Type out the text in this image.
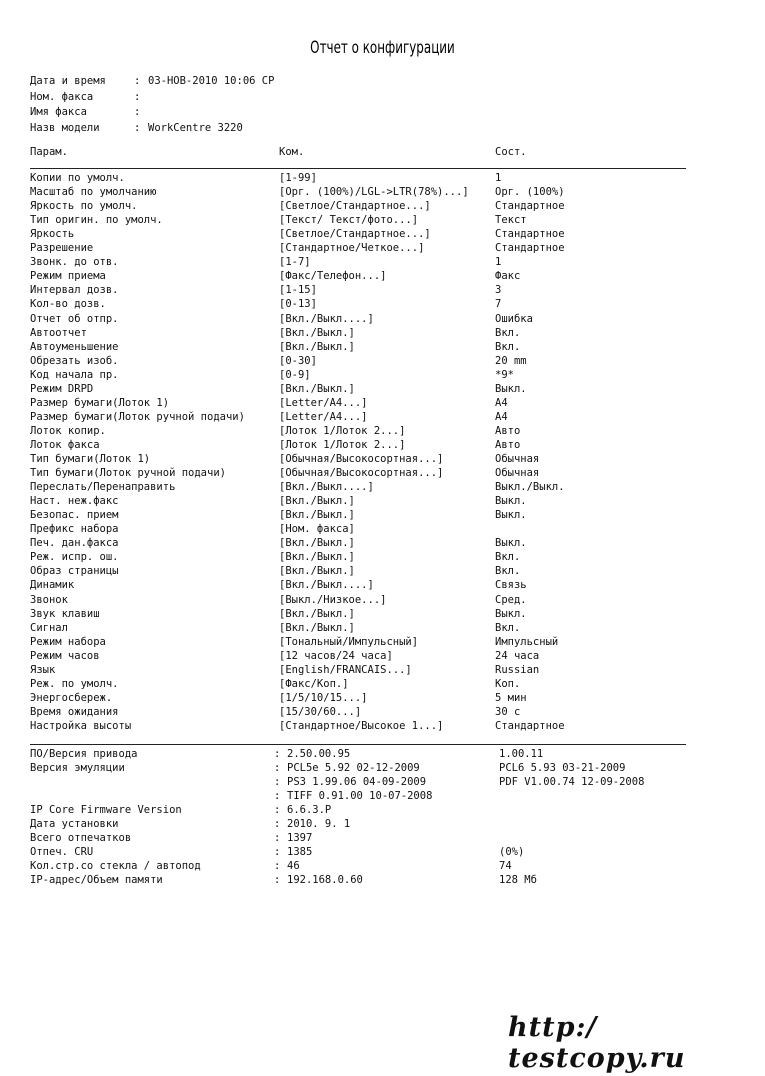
Отчет о конфигурации
Дата и время	: 03-НОВ-2010 10:06 СР
Ном. факса	:
Имя факса	:
Назв модели	: WorkCentre 3220
Парам.	Ком.	Сост.
Копии по умолч.	[1-99]	1
Масштаб по умолчанию	[Орг. (100%)/LGL->LTR(78%)...]	Орг. (100%)
Яркость по умолч.	[Светлое/Стандартное...]	Стандартное
Тип оригин. по умолч.	[Текст/ Текст/фото...]	Текст
Яркость	[Светлое/Стандартное...]	Стандартное
Разрешение	[Стандартное/Четкое...]	Стандартное
Звонк. до отв.	[1-7]	1
Режим приема	[Факс/Телефон...]	Факс
Интервал дозв.	[1-15]	3
Кол-во дозв.	[0-13]	7
Отчет об отпр.	[Вкл./Выкл....]	Ошибка
Автоотчет	[Вкл./Выкл.]	Вкл.
Автоуменьшение	[Вкл./Выкл.]	Вкл.
Обрезать изоб.	[0-30]	20 mm
Код начала пр.	[0-9]	*9*
Режим DRPD	[Вкл./Выкл.]	Выкл.
Размер бумаги(Лоток 1)	[Letter/A4...]	A4
Размер бумаги(Лоток ручной подачи)	[Letter/A4...]	A4
Лоток копир.	[Лоток 1/Лоток 2...]	Авто
Лоток факса	[Лоток 1/Лоток 2...]	Авто
Тип бумаги(Лоток 1)	[Обычная/Высокосортная...]	Обычная
Тип бумаги(Лоток ручной подачи)	[Обычная/Высокосортная...]	Обычная
Переслать/Перенаправить	[Вкл./Выкл....]	Выкл./Выкл.
Наст. неж.факс	[Вкл./Выкл.]	Выкл.
Безопас. прием	[Вкл./Выкл.]	Выкл.
Префикс набора	[Ном. факса]
Печ. дан.факса	[Вкл./Выкл.]	Выкл.
Реж. испр. ош.	[Вкл./Выкл.]	Вкл.
Образ страницы	[Вкл./Выкл.]	Вкл.
Динамик	[Вкл./Выкл....]	Связь
Звонок	[Выкл./Низкое...]	Сред.
Звук клавиш	[Вкл./Выкл.]	Выкл.
Сигнал	[Вкл./Выкл.]	Вкл.
Режим набора	[Тональный/Импульсный]	Импульсный
Режим часов	[12 часов/24 часа]	24 часа
Язык	[English/FRANCAIS...]	Russian
Реж. по умолч.	[Факс/Коп.]	Коп.
Энергосбереж.	[1/5/10/15...]	5 мин
Время ожидания	[15/30/60...]	30 с
Настройка высоты	[Стандартное/Высокое 1...]	Стандартное
ПО/Версия привода	: 2.50.00.95	1.00.11
Версия эмуляции	: PCL5e 5.92 02-12-2009	PCL6 5.93 03-21-2009
: PS3 1.99.06 04-09-2009	PDF V1.00.74 12-09-2008
: TIFF 0.91.00 10-07-2008
IP Core Firmware Version	: 6.6.3.P
Дата установки	: 2010. 9. 1
Всего отпечатков	: 1397
Отпеч. CRU	: 1385	(0%)
Кол.стр.со стекла / автопод	: 46	74
IP-адрес/Объем памяти	: 192.168.0.60	128 Мб
http:/ testcopy.ru
